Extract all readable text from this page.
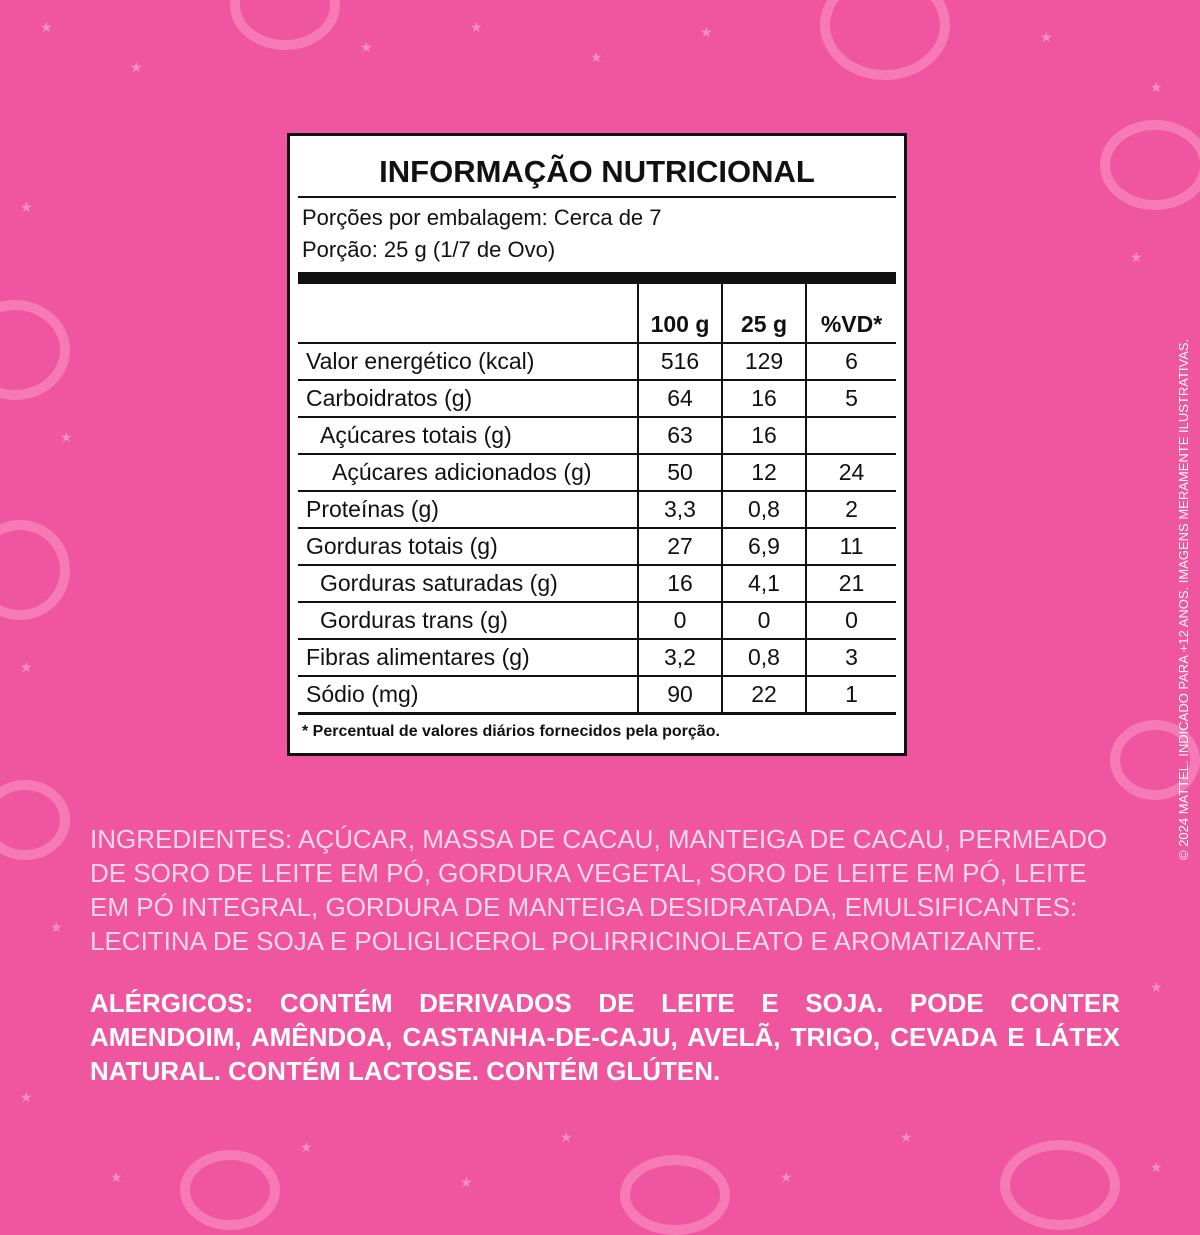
★
★
★
★
★
★	★
★
★
★
★
★
★
★
★
★
★
★
★
★
★
★
INFORMAÇÃO NUTRICIONAL
Porções por embalagem: Cerca de 7
Porção: 25 g (1/7 de Ovo)
	100 g	25 g	%VD*
Valor energético (kcal)	516	129	6
Carboidratos (g)	64	16	5
Açúcares totais (g)	63	16	
Açúcares adicionados (g)	50	12	24
Proteínas (g)	3,3	0,8	2
Gorduras totais (g)	27	6,9	11
Gorduras saturadas (g)	16	4,1	21
Gorduras trans (g)	0	0	0
Fibras alimentares (g)	3,2	0,8	3
Sódio (mg)	90	22	1
* Percentual de valores diários fornecidos pela porção.
INGREDIENTES: AÇÚCAR, MASSA DE CACAU, MANTEIGA DE CACAU, PERMEADO DE SORO DE LEITE EM PÓ, GORDURA VEGETAL, SORO DE LEITE EM PÓ, LEITE EM PÓ INTEGRAL, GORDURA DE MANTEIGA DESIDRATADA, EMULSIFICANTES: LECITINA DE SOJA E POLIGLICEROL POLIRRICINOLEATO E AROMATIZANTE.
ALÉRGICOS: CONTÉM DERIVADOS DE LEITE E SOJA. PODE CONTER AMENDOIM, AMÊNDOA, CASTANHA-DE-CAJU, AVELÃ, TRIGO, CEVADA E LÁTEX NATURAL. CONTÉM LACTOSE. CONTÉM GLÚTEN.
© 2024 MATTEL. INDICADO PARA +12 ANOS. IMAGENS MERAMENTE ILUSTRATIVAS.
